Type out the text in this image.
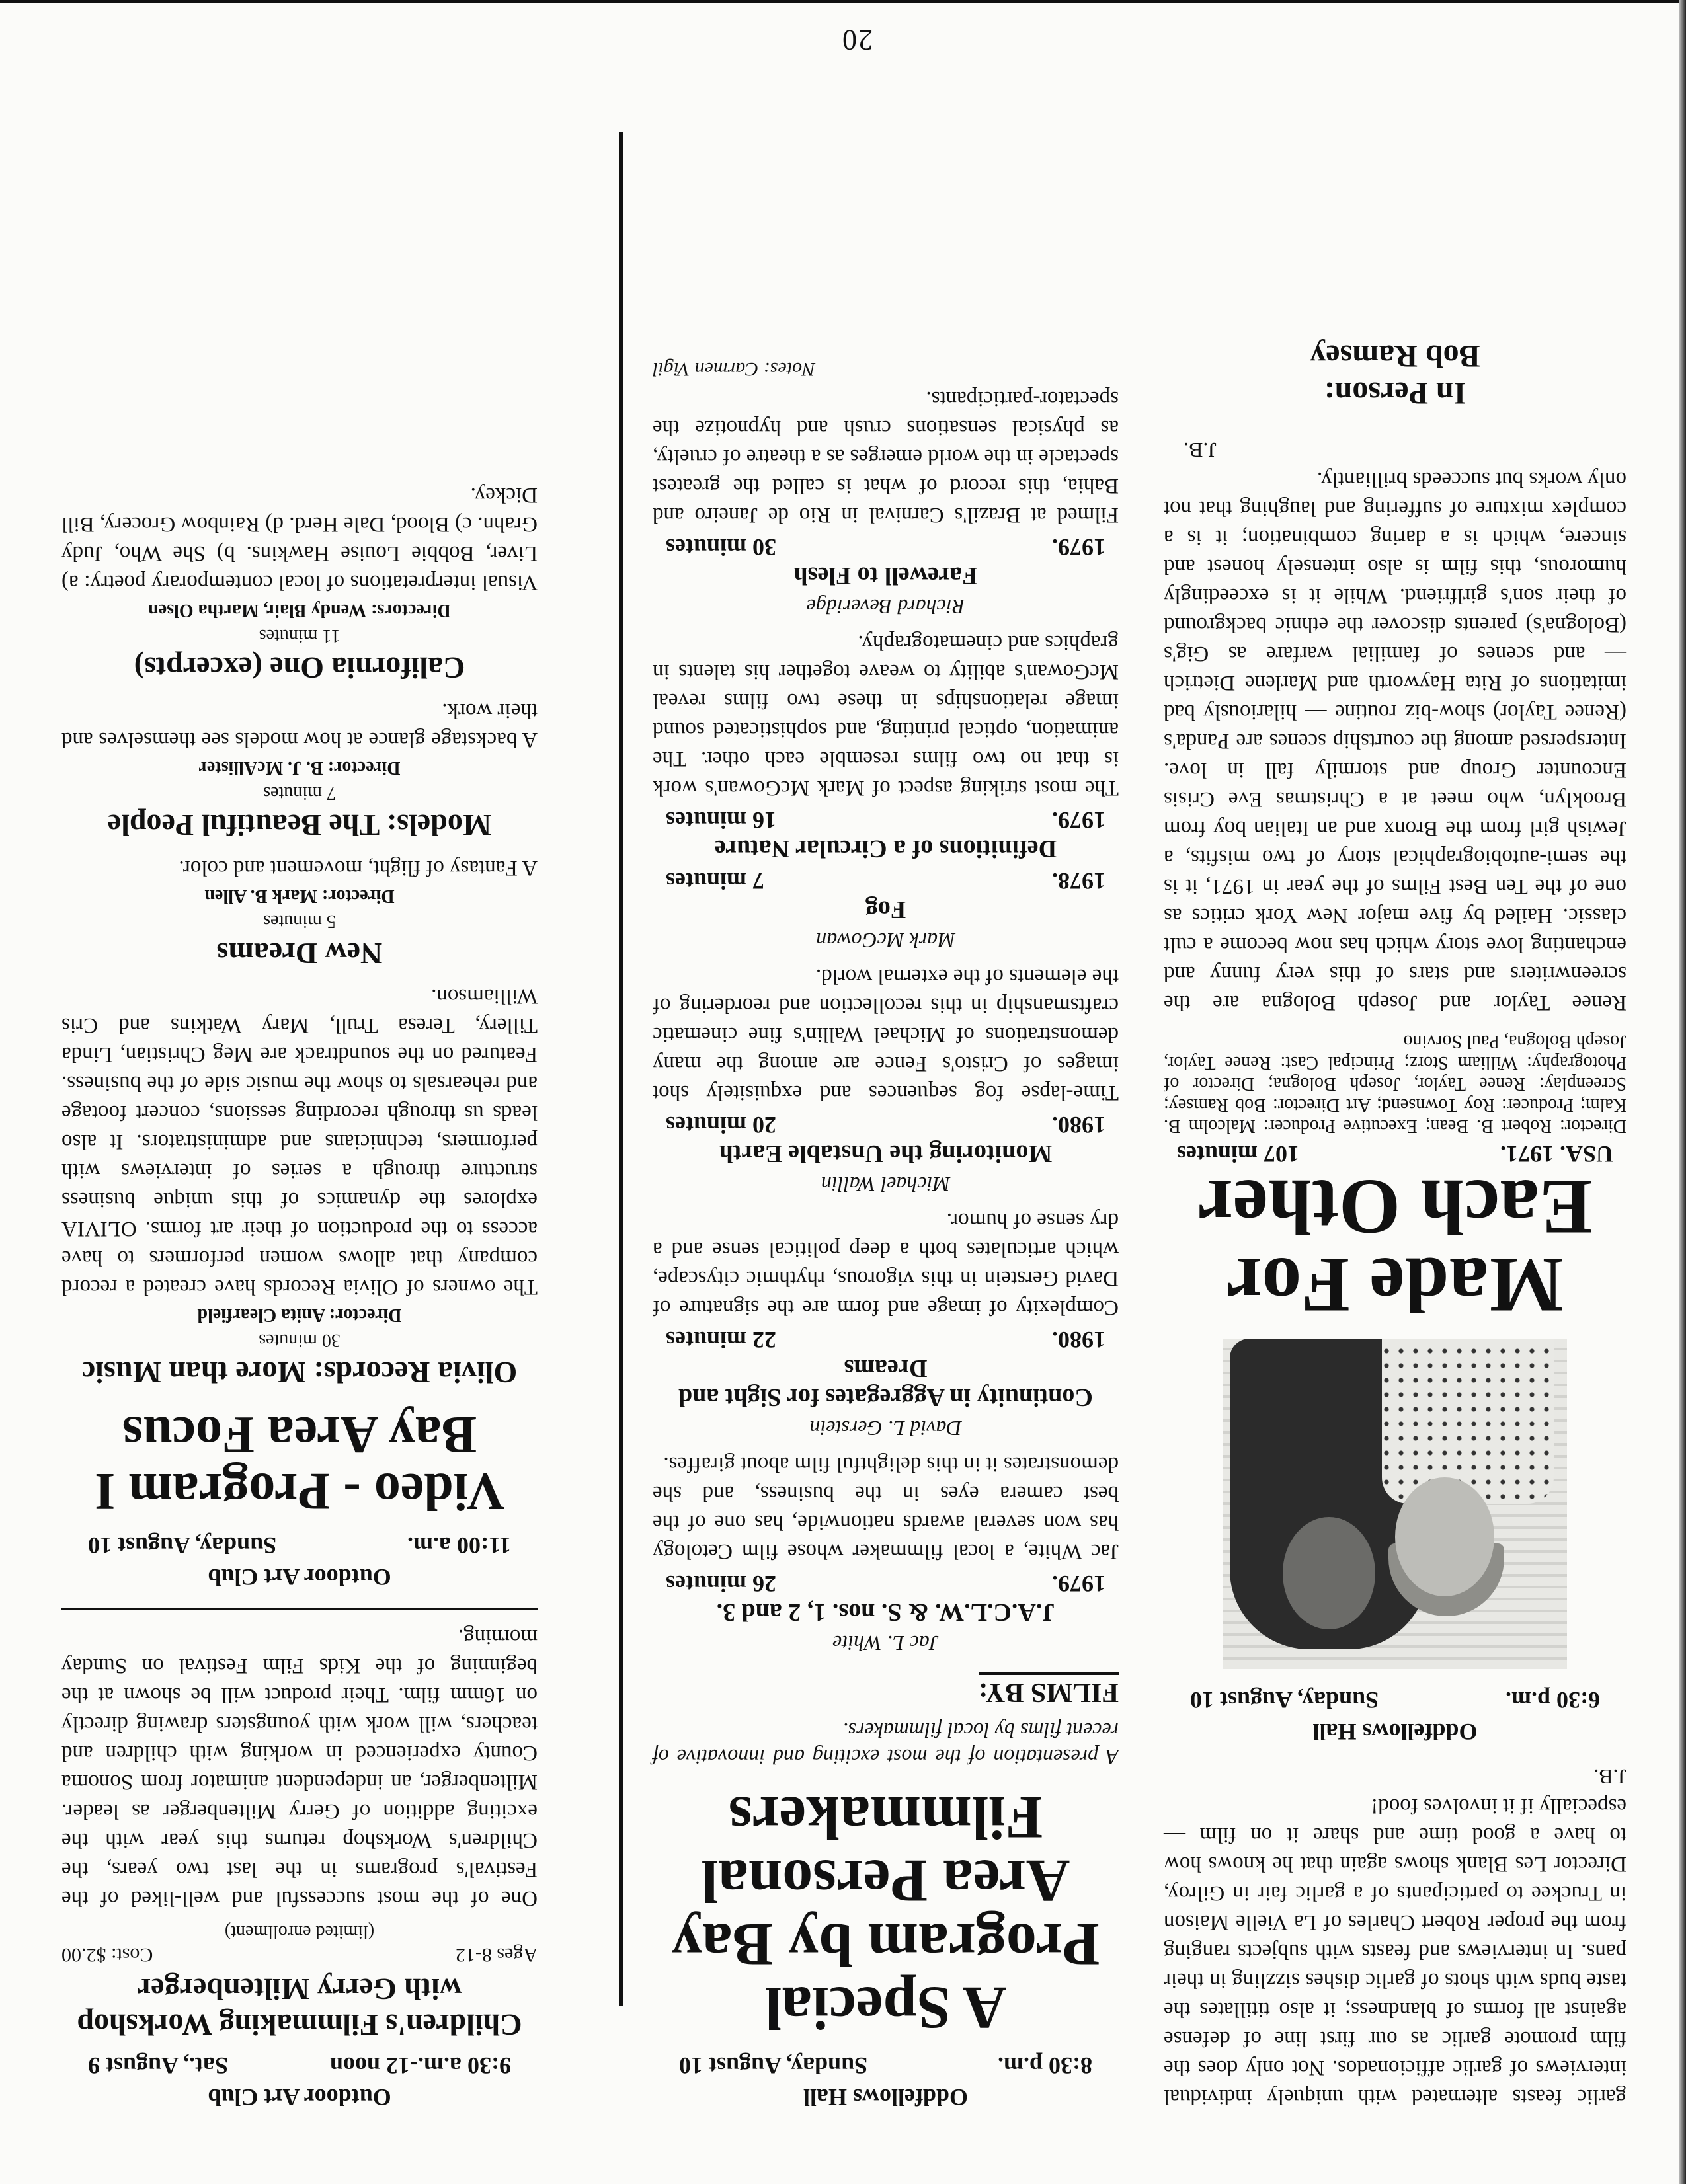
garlic feasts alternated with uniquely individual interviews of garlic afficionados. Not only does the film promote garlic as our first line of defense against all forms of blandness; it also titillates the taste buds with shots of garlic dishes sizzling in their pans. In interviews and feasts with subjects ranging from the proper Robert Charles of La Vielle Maison in Truckee to participants of a garlic fair in Gilroy, Director Les Blank shows again that he knows how to have a good time and share it on film — especially if it involves food!

J.B.

Oddfellows Hall
6:30 p.m.
Sunday, August 10
Made For Each Other
USA. 1971.
107 minutes

Director: Robert B. Bean; Executive Producer: Malcolm B. Kalm; Producer: Roy Townsend; Art Director: Bob Ramsey; Screenplay: Renee Taylor, Joseph Bologna; Director of Photography: William Storz; Principal Cast: Renee Taylor, Joseph Bologna, Paul Sorvino

Renee Taylor and Joseph Bologna are the screenwriters and stars of this very funny and enchanting love story which has now become a cult classic. Hailed by five major New York critics as one of the Ten Best Films of the year in 1971, it is the semi-autobiographical story of two misfits, a Jewish girl from the Bronx and an Italian boy from Brooklyn, who meet at a Christmas Eve Crisis Encounter Group and stormily fall in love. Interspersed among the courtship scenes are Panda's (Renee Taylor) show-biz routine — hilariously bad imitations of Rita Hayworth and Marlene Dietrich — and scenes of familial warfare as Gig's (Bologna's) parents discover the ethnic background of their son's girlfriend. While it is exceedingly humorous, this film is also intensely honest and sincere, which is a daring combination; it is a complex mixture of suffering and laughing that not only works but succeeds brilliantly.

J.B.

In Person:
Bob Ramsey
Oddfellows Hall
8:30 p.m.
Sunday, August 10
A Special Program by Bay Area Personal Filmmakers

A presentation of the most exciting and innovative of recent films by local filmmakers.

FILMS BY:
Jac L. White
J.A.C.L.W. & S. nos. 1, 2 and 3.
1979.
26 minutes

Jac White, a local filmmaker whose film Cetology has won several awards nationwide, has one of the best camera eyes in the business, and she demonstrates it in this delightful film about giraffes.

David L. Gerstein
Continuity in Aggregates for Sight and Dreams
1980.
22 minutes

Complexity of image and form are the signature of David Gerstein in this vigorous, rhythmic cityscape, which articulates both a deep political sense and a dry sense of humor.

Michael Wallin
Monitoring the Unstable Earth
1980.
20 minutes

Time-lapse fog sequences and exquisitely shot images of Cristo's Fence are among the many demonstrations of Michael Wallin's fine cinematic craftsmanship in this recollection and reordering of the elements of the external world.

Mark McGowan
Fog
1978.
7 minutes
Definitions of a Circular Nature
1979.
16 minutes

The most striking aspect of Mark McGowan's work is that no two films resemble each other. The animation, optical printing, and sophisticated sound image relationships in these two films reveal McGowan's ability to weave together his talents in graphics and cinematography.

Richard Beveridge
Farewell to Flesh
1979.
30 minutes

Filmed at Brazil's Carnival in Rio de Janeiro and Bahia, this record of what is called the greatest spectacle in the world emerges as a theatre of cruelty, as physical sensations crush and hypnotize the spectator-participants.

Notes: Carmen Vigil

Outdoor Art Club
9:30 a.m.-12 noon
Sat., August 9
Children's Filmmaking Workshop with Gerry Miltenberger
Ages 8-12
Cost: $2.00
(limited enrollment)

One of the most successful and well-liked of the Festival's programs in the last two years, the Children's Workshop returns this year with the exciting addition of Gerry Miltenberger as leader. Miltenberger, an independent animator from Sonoma County experienced in working with children and teachers, will work with youngsters drawing directly on 16mm film. Their product will be shown at the beginning of the Kids Film Festival on Sunday morning.

Outdoor Art Club
11:00 a.m.
Sunday, August 10
Video - Program I Bay Area Focus
Olivia Records: More than Music
30 minutes
Director: Anita Clearfield

The owners of Olivia Records have created a record company that allows women performers to have access to the production of their art forms. OLIVIA explores the dynamics of this unique business structure through a series of interviews with performers, technicians and administrators. It also leads us through recording sessions, concert footage and rehearsals to show the music side of the business. Featured on the soundtrack are Meg Christian, Linda Tillery, Teresa Trull, Mary Watkins and Cris Williamson.

New Dreams
5 minutes
Director: Mark B. Allen

A Fantasy of flight, movement and color.

Models: The Beautiful People
7 minutes
Director: B. J. McAllister

A backstage glance at how models see themselves and their work.

California One (excerpts)
11 minutes
Directors: Wendy Blair, Martha Olsen

Visual interpretations of local contemporary poetry: a) Liver, Bobbie Louise Hawkins. b) She Who, Judy Grahn. c) Blood, Dale Herd. d) Rainbow Grocery, Bill Dickey.

20
